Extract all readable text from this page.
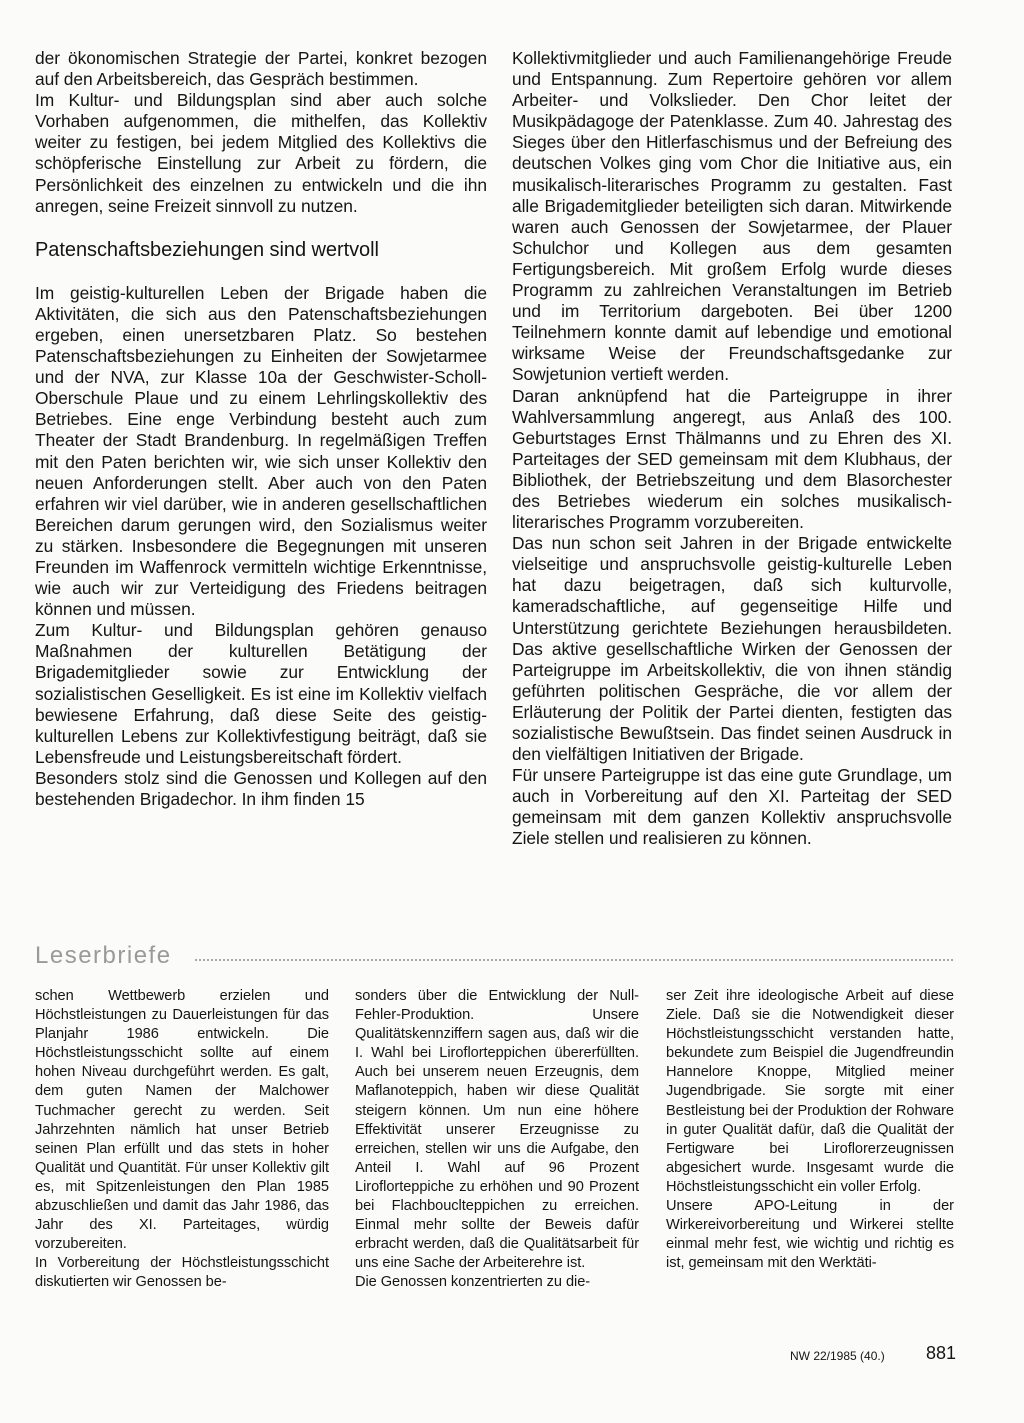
der ökonomischen Strategie der Partei, konkret bezogen auf den Arbeitsbereich, das Gespräch bestimmen.

Im Kultur- und Bildungsplan sind aber auch solche Vorhaben aufgenommen, die mithelfen, das Kollektiv weiter zu festigen, bei jedem Mitglied des Kollektivs die schöpferische Einstellung zur Arbeit zu fördern, die Persönlichkeit des einzelnen zu entwickeln und die ihn anregen, seine Freizeit sinnvoll zu nutzen.

Patenschaftsbeziehungen sind wertvoll

Im geistig-kulturellen Leben der Brigade haben die Aktivitäten, die sich aus den Patenschaftsbeziehungen ergeben, einen unersetzbaren Platz. So bestehen Patenschaftsbeziehungen zu Einheiten der Sowjetarmee und der NVA, zur Klasse 10a der Geschwister-Scholl-Oberschule Plaue und zu einem Lehrlingskollektiv des Betriebes. Eine enge Verbindung besteht auch zum Theater der Stadt Brandenburg. In regelmäßigen Treffen mit den Paten berichten wir, wie sich unser Kollektiv den neuen Anforderungen stellt. Aber auch von den Paten erfahren wir viel darüber, wie in anderen gesellschaftlichen Bereichen darum gerungen wird, den Sozialismus weiter zu stärken. Insbesondere die Begegnungen mit unseren Freunden im Waffenrock vermitteln wichtige Erkenntnisse, wie auch wir zur Verteidigung des Friedens beitragen können und müssen.

Zum Kultur- und Bildungsplan gehören genauso Maßnahmen der kulturellen Betätigung der Brigademitglieder sowie zur Entwicklung der sozialistischen Geselligkeit. Es ist eine im Kollektiv vielfach bewiesene Erfahrung, daß diese Seite des geistig-kulturellen Lebens zur Kollektivfestigung beiträgt, daß sie Lebensfreude und Leistungsbereitschaft fördert.

Besonders stolz sind die Genossen und Kollegen auf den bestehenden Brigadechor. In ihm finden 15

Kollektivmitglieder und auch Familienangehörige Freude und Entspannung. Zum Repertoire gehören vor allem Arbeiter- und Volkslieder. Den Chor leitet der Musikpädagoge der Patenklasse. Zum 40. Jahrestag des Sieges über den Hitlerfaschismus und der Befreiung des deutschen Volkes ging vom Chor die Initiative aus, ein musikalisch-literarisches Programm zu gestalten. Fast alle Brigademitglieder beteiligten sich daran. Mitwirkende waren auch Genossen der Sowjetarmee, der Plauer Schulchor und Kollegen aus dem gesamten Fertigungsbereich. Mit großem Erfolg wurde dieses Programm zu zahlreichen Veranstaltungen im Betrieb und im Territorium dargeboten. Bei über 1200 Teilnehmern konnte damit auf lebendige und emotional wirksame Weise der Freundschaftsgedanke zur Sowjetunion vertieft werden.

Daran anknüpfend hat die Parteigruppe in ihrer Wahlversammlung angeregt, aus Anlaß des 100. Geburtstages Ernst Thälmanns und zu Ehren des XI. Parteitages der SED gemeinsam mit dem Klubhaus, der Bibliothek, der Betriebszeitung und dem Blasorchester des Betriebes wiederum ein solches musikalisch-literarisches Programm vorzubereiten.

Das nun schon seit Jahren in der Brigade entwickelte vielseitige und anspruchsvolle geistig-kulturelle Leben hat dazu beigetragen, daß sich kulturvolle, kameradschaftliche, auf gegenseitige Hilfe und Unterstützung gerichtete Beziehungen herausbildeten. Das aktive gesellschaftliche Wirken der Genossen der Parteigruppe im Arbeitskollektiv, die von ihnen ständig geführten politischen Gespräche, die vor allem der Erläuterung der Politik der Partei dienten, festigten das sozialistische Bewußtsein. Das findet seinen Ausdruck in den vielfältigen Initiativen der Brigade.

Für unsere Parteigruppe ist das eine gute Grundlage, um auch in Vorbereitung auf den XI. Parteitag der SED gemeinsam mit dem ganzen Kollektiv anspruchsvolle Ziele stellen und realisieren zu können.

Leserbriefe

schen Wettbewerb erzielen und Höchstleistungen zu Dauerleistungen für das Planjahr 1986 entwickeln. Die Höchstleistungsschicht sollte auf einem hohen Niveau durchgeführt werden. Es galt, dem guten Namen der Malchower Tuchmacher gerecht zu werden. Seit Jahrzehnten nämlich hat unser Betrieb seinen Plan erfüllt und das stets in hoher Qualität und Quantität. Für unser Kollektiv gilt es, mit Spitzenleistungen den Plan 1985 abzuschließen und damit das Jahr 1986, das Jahr des XI. Parteitages, würdig vorzubereiten.

In Vorbereitung der Höchstleistungsschicht diskutierten wir Genossen be-

sonders über die Entwicklung der Null-Fehler-Produktion. Unsere Qualitätskennziffern sagen aus, daß wir die I. Wahl bei Liroflorteppichen übererfüllten. Auch bei unserem neuen Erzeugnis, dem Maflanoteppich, haben wir diese Qualität steigern können. Um nun eine höhere Effektivität unserer Erzeugnisse zu erreichen, stellen wir uns die Aufgabe, den Anteil I. Wahl auf 96 Prozent Liroflorteppiche zu erhöhen und 90 Prozent bei Flachbouclteppichen zu erreichen. Einmal mehr sollte der Beweis dafür erbracht werden, daß die Qualitätsarbeit für uns eine Sache der Arbeiterehre ist.

Die Genossen konzentrierten zu die-

ser Zeit ihre ideologische Arbeit auf diese Ziele. Daß sie die Notwendigkeit dieser Höchstleistungsschicht verstanden hatte, bekundete zum Beispiel die Jugendfreundin Hannelore Knoppe, Mitglied meiner Jugendbrigade. Sie sorgte mit einer Bestleistung bei der Produktion der Rohware in guter Qualität dafür, daß die Qualität der Fertigware bei Liroflorerzeugnissen abgesichert wurde. Insgesamt wurde die Höchstleistungsschicht ein voller Erfolg.

Unsere APO-Leitung in der Wirkereivorbereitung und Wirkerei stellte einmal mehr fest, wie wichtig und richtig es ist, gemeinsam mit den Werktäti-

NW 22/1985 (40.) 881
